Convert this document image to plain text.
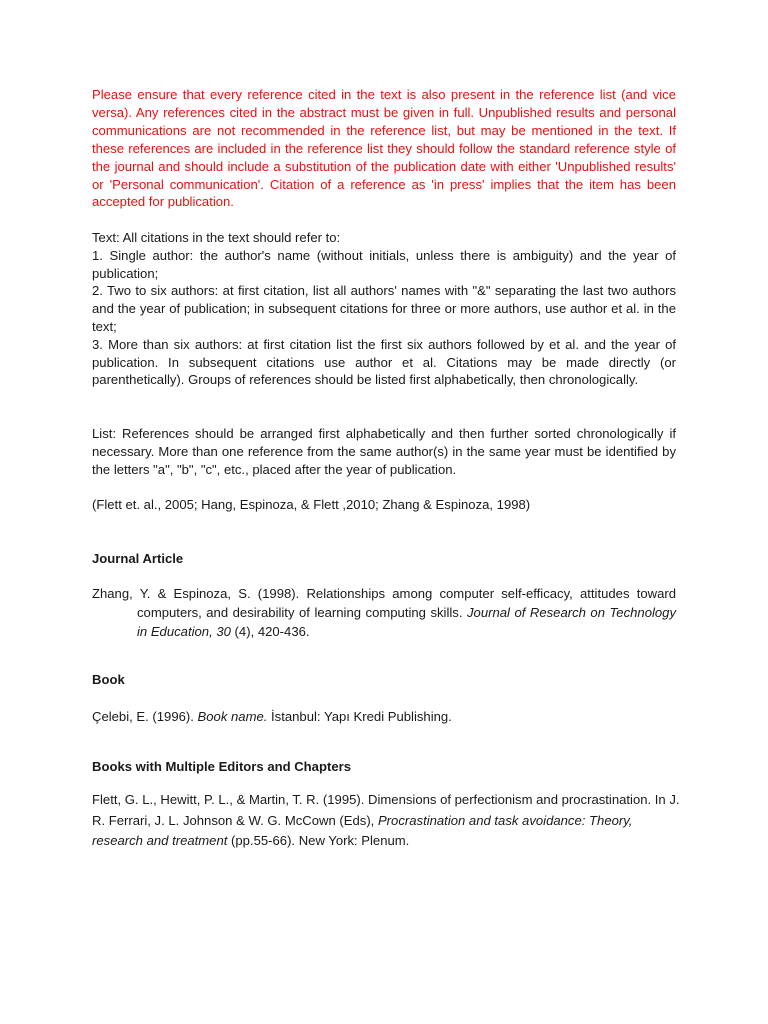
Please ensure that every reference cited in the text is also present in the reference list (and vice versa). Any references cited in the abstract must be given in full. Unpublished results and personal communications are not recommended in the reference list, but may be mentioned in the text. If these references are included in the reference list they should follow the standard reference style of the journal and should include a substitution of the publication date with either 'Unpublished results' or 'Personal communication'. Citation of a reference as 'in press' implies that the item has been accepted for publication.

Text: All citations in the text should refer to:

1. Single author: the author's name (without initials, unless there is ambiguity) and the year of publication;

2. Two to six authors: at first citation, list all authors' names with "&" separating the last two authors and the year of publication; in subsequent citations for three or more authors, use author et al. in the text;

3. More than six authors: at first citation list the first six authors followed by et al. and the year of publication. In subsequent citations use author et al. Citations may be made directly (or parenthetically). Groups of references should be listed first alphabetically, then chronologically.

List: References should be arranged first alphabetically and then further sorted chronologically if necessary. More than one reference from the same author(s) in the same year must be identified by the letters "a", "b", "c", etc., placed after the year of publication.
(Flett et. al., 2005; Hang, Espinoza, & Flett ,2010; Zhang & Espinoza, 1998)
Journal Article
Zhang, Y. & Espinoza, S. (1998). Relationships among computer self-efficacy, attitudes toward computers, and desirability of learning computing skills. Journal of Research on Technology in Education, 30 (4), 420-436.
Book
Çelebi, E. (1996). Book name. İstanbul: Yapı Kredi Publishing.
Books with Multiple Editors and Chapters
Flett, G. L., Hewitt, P. L., & Martin, T. R. (1995). Dimensions of perfectionism and procrastination. In J. R. Ferrari, J. L. Johnson & W. G. McCown (Eds), Procrastination and task avoidance: Theory, research and treatment (pp.55-66). New York: Plenum.
